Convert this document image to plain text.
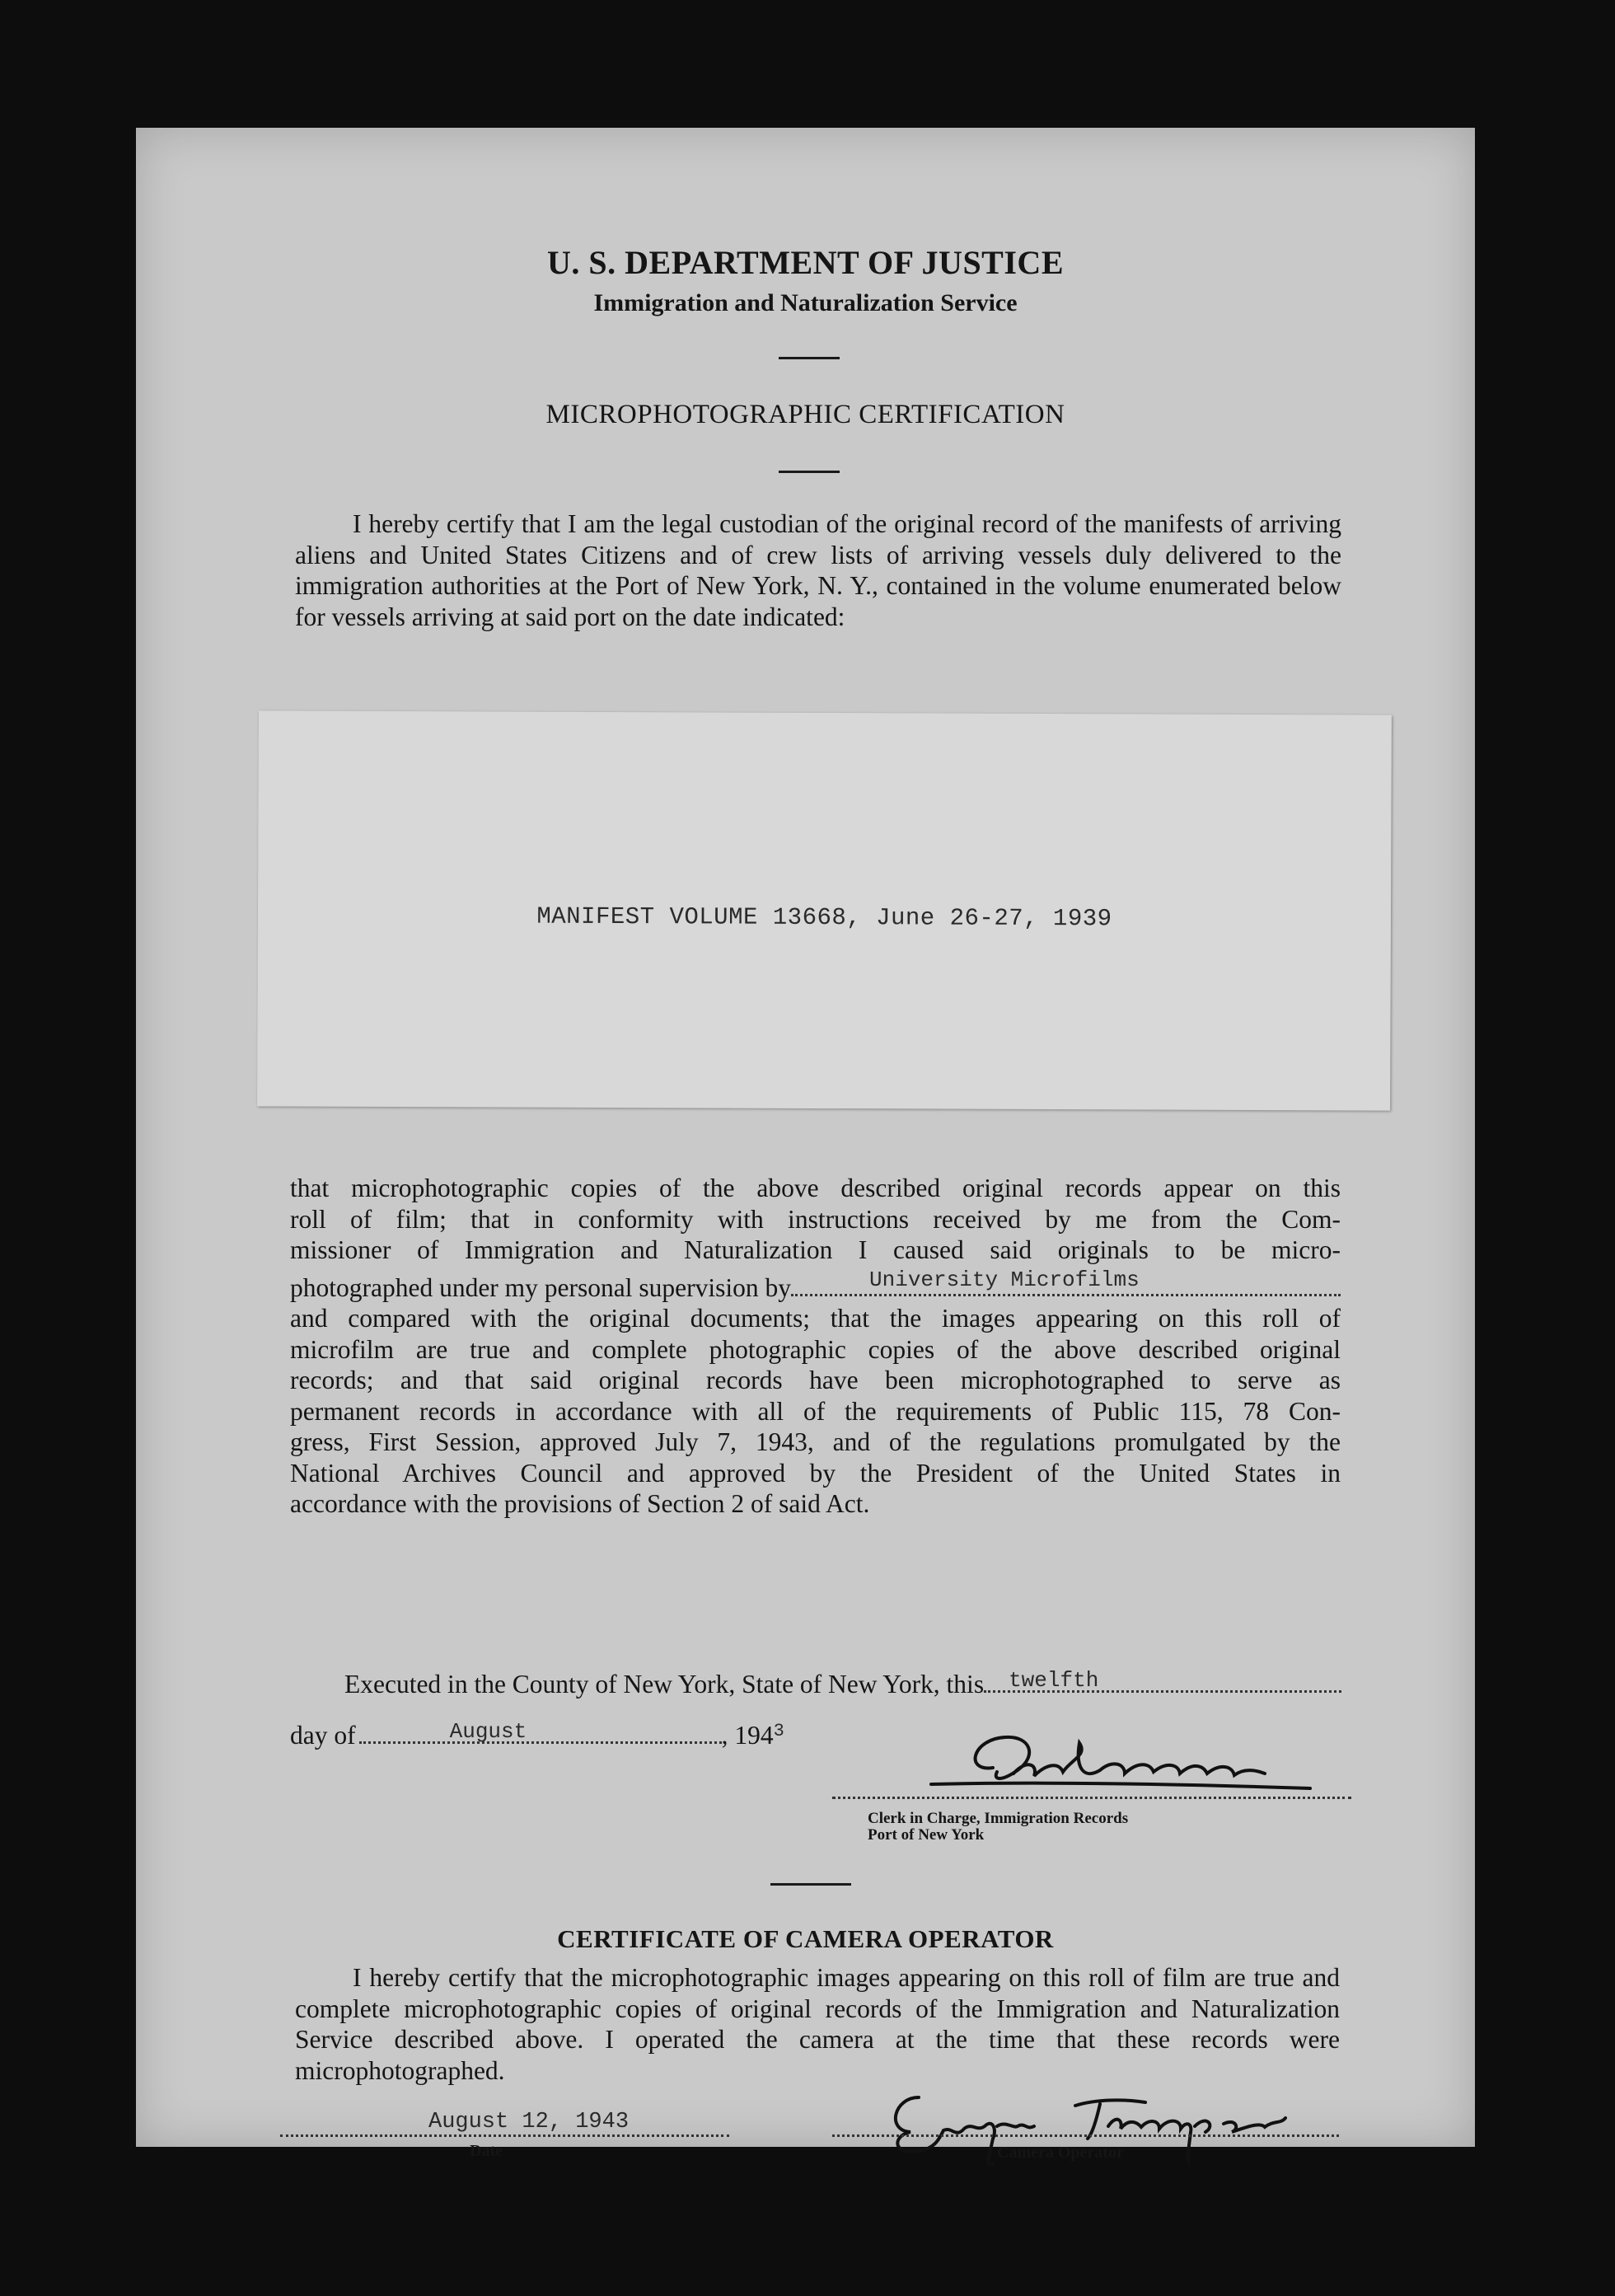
U. S. DEPARTMENT OF JUSTICE
Immigration and Naturalization Service
MICROPHOTOGRAPHIC CERTIFICATION
I hereby certify that I am the legal custodian of the original record of the manifests of arriving aliens and United States Citizens and of crew lists of arriving vessels duly delivered to the immigration authorities at the Port of New York, N. Y., contained in the volume enumerated below for vessels arriving at said port on the date indicated:
MANIFEST VOLUME 13668, June 26-27, 1939
that microphotographic copies of the above described original records appear on this
roll of film; that in conformity with instructions received by me from the Com-
missioner of Immigration and Naturalization I caused said originals to be micro-
photographed under my personal supervision by	University Microfilms
and compared with the original documents; that the images appearing on this roll of
microfilm are true and complete photographic copies of the above described original
records; and that said original records have been microphotographed to serve as
permanent records in accordance with all of the requirements of Public 115, 78 Con-
gress, First Session, approved July 7, 1943, and of the regulations promulgated by the
National Archives Council and approved by the President of the United States in
accordance with the provisions of Section 2 of said Act.
Executed in the County of New York, State of New York, this twelfth
day of	August	, 194 3
Clerk in Charge, Immigration Records
Port of New York
CERTIFICATE OF CAMERA OPERATOR
I hereby certify that the microphotographic images appearing on this roll of film are true and complete microphotographic copies of original records of the Immigration and Naturalization Service described above. I operated the camera at the time that these records were microphotographed.
August 12, 1943
Date	Camera Operator
